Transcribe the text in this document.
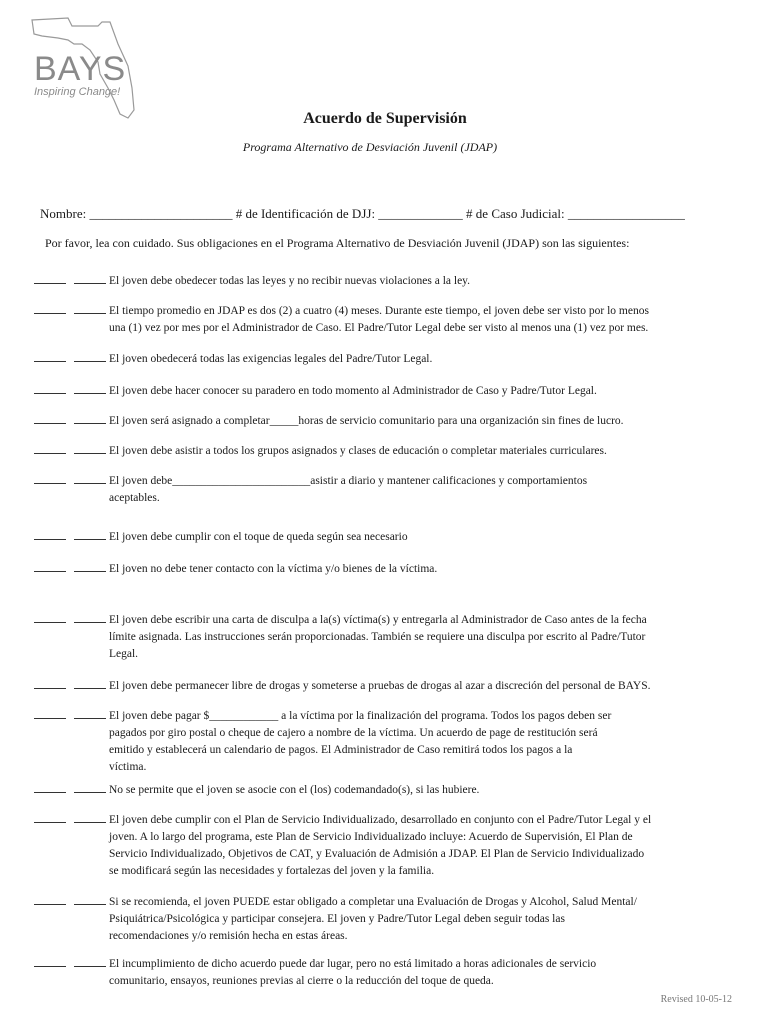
BAYS
Inspiring Change!
Acuerdo de Supervisión
Programa Alternativo de Desviación Juvenil (JDAP)
Nombre: ______________________ # de Identificación de DJJ: _____________ # de Caso Judicial: __________________
Por favor, lea con cuidado. Sus obligaciones en el Programa Alternativo de Desviación Juvenil (JDAP) son las siguientes:
El joven debe obedecer todas las leyes y no recibir nuevas violaciones a la ley.
El tiempo promedio en JDAP es dos (2) a cuatro (4) meses. Durante este tiempo, el joven debe ser visto por lo menos
una (1) vez por mes por el Administrador de Caso. El Padre/Tutor Legal debe ser visto al menos una (1) vez por mes.
El joven obedecerá todas las exigencias legales del Padre/Tutor Legal.
El joven debe hacer conocer su paradero en todo momento al Administrador de Caso y Padre/Tutor Legal.
El joven será asignado a completar_____horas de servicio comunitario para una organización sin fines de lucro.
El joven debe asistir a todos los grupos asignados y clases de educación o completar materiales curriculares.
El joven debe________________________asistir a diario y mantener calificaciones y comportamientos
aceptables.
El joven debe cumplir con el toque de queda según sea necesario
El joven no debe tener contacto con la víctima y/o bienes de la víctima.
El joven debe escribir una carta de disculpa a la(s) víctima(s) y entregarla al Administrador de Caso antes de la fecha
límite asignada. Las instrucciones serán proporcionadas. También se requiere una disculpa por escrito al Padre/Tutor
Legal.
El joven debe permanecer libre de drogas y someterse a pruebas de drogas al azar a discreción del personal de BAYS.
El joven debe pagar $____________ a la víctima por la finalización del programa. Todos los pagos deben ser
pagados por giro postal o cheque de cajero a nombre de la víctima. Un acuerdo de page de restitución será
emitido y establecerá un calendario de pagos. El Administrador de Caso remitirá todos los pagos a la
víctima.
No se permite que el joven se asocie con el (los) codemandado(s), si las hubiere.
El joven debe cumplir con el Plan de Servicio Individualizado, desarrollado en conjunto con el Padre/Tutor Legal y el
joven. A lo largo del programa, este Plan de Servicio Individualizado incluye: Acuerdo de Supervisión, El Plan de
Servicio Individualizado, Objetivos de CAT, y Evaluación de Admisión a JDAP. El Plan de Servicio Individualizado
se modificará según las necesidades y fortalezas del joven y la familia.
Si se recomienda, el joven PUEDE estar obligado a completar una Evaluación de Drogas y Alcohol, Salud Mental/
Psiquiátrica/Psicológica y participar consejera. El joven y Padre/Tutor Legal deben seguir todas las
recomendaciones y/o remisión hecha en estas áreas.
El incumplimiento de dicho acuerdo puede dar lugar, pero no está limitado a horas adicionales de servicio
comunitario, ensayos, reuniones previas al cierre o la reducción del toque de queda.
Revised 10-05-12
